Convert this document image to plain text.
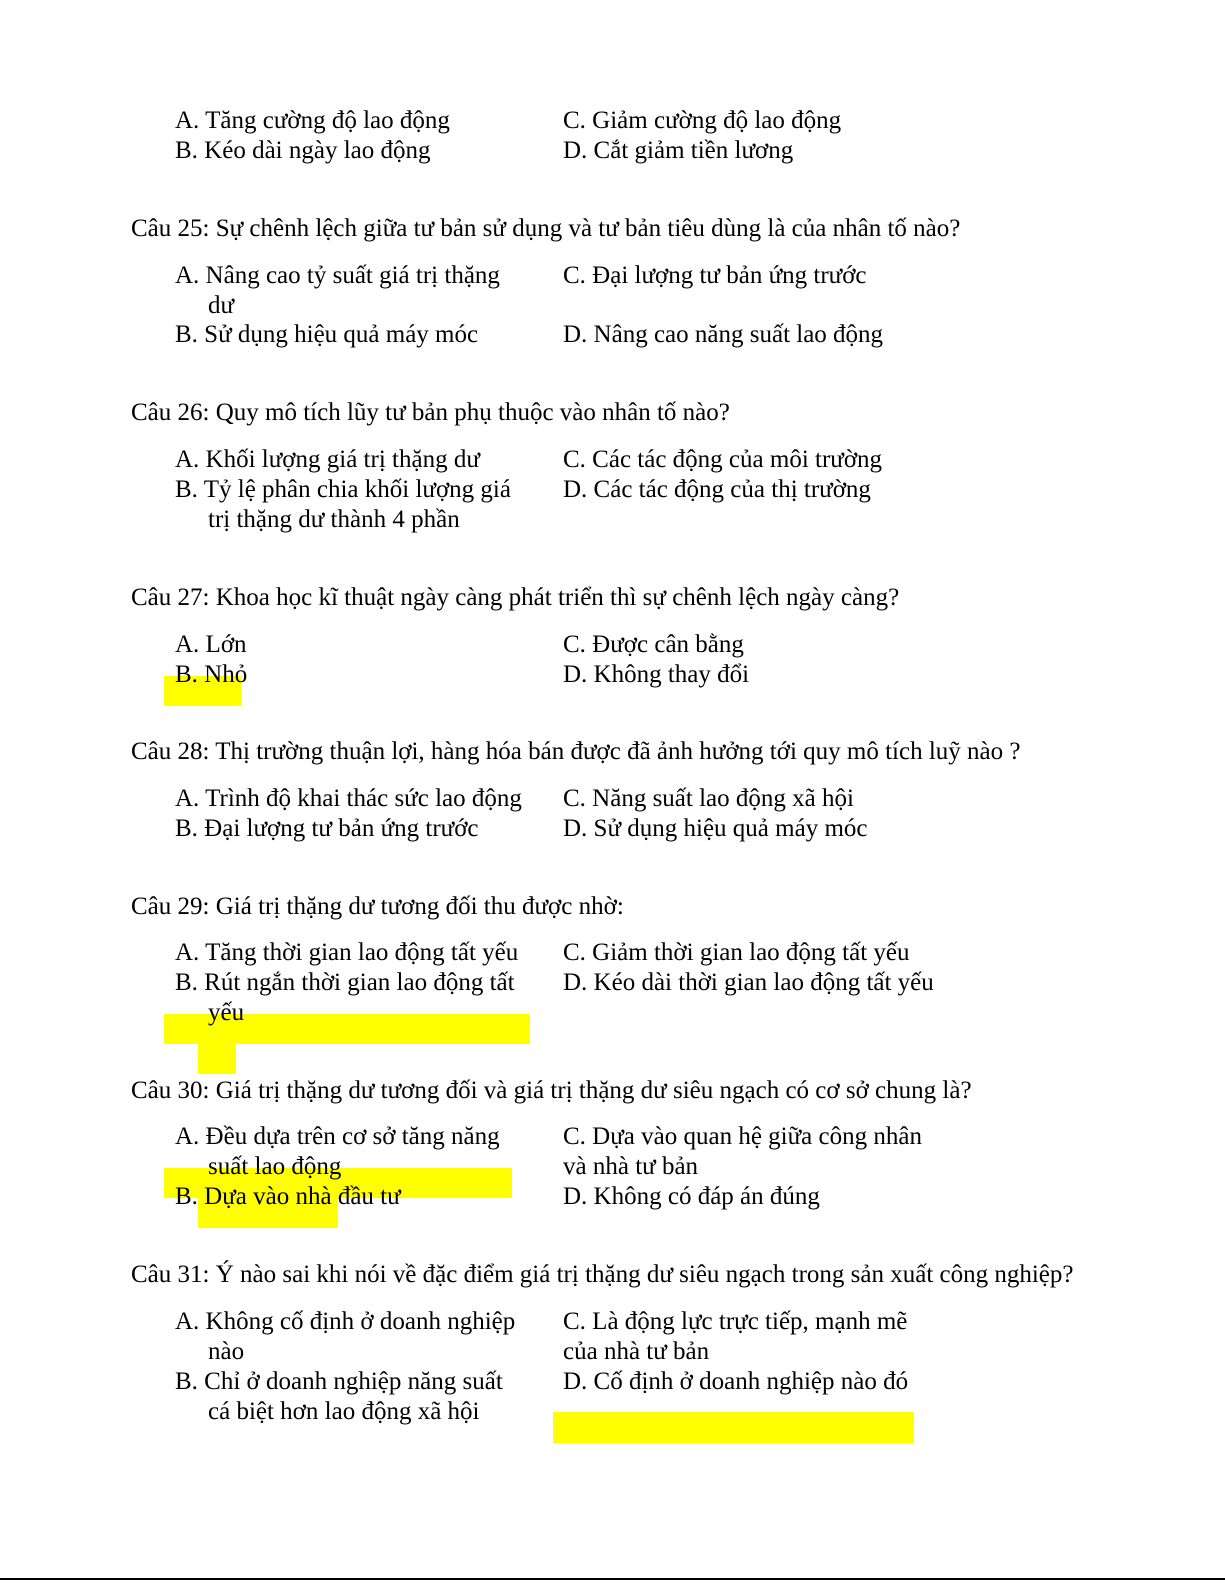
A. Tăng cường độ lao động
B. Kéo dài ngày lao động
C. Giảm cường độ lao động
D. Cắt giảm tiền lương
Câu 25: Sự chênh lệch giữa tư bản sử dụng và tư bản tiêu dùng là của nhân tố nào?
A. Nâng cao tỷ suất giá trị thặng
dư
B. Sử dụng hiệu quả máy móc
C. Đại lượng tư bản ứng trước
D. Nâng cao năng suất lao động
Câu 26: Quy mô tích lũy tư bản phụ thuộc vào nhân tố nào?
A. Khối lượng giá trị thặng dư
B. Tỷ lệ phân chia khối lượng giá
trị thặng dư thành 4 phần
C. Các tác động của môi trường
D. Các tác động của thị trường
Câu 27: Khoa học kĩ thuật ngày càng phát triển thì sự chênh lệch ngày càng?
A. Lớn
B. Nhỏ
C. Được cân bằng
D. Không thay đổi
Câu 28: Thị trường thuận lợi, hàng hóa bán được đã ảnh hưởng tới quy mô tích luỹ nào ?
A. Trình độ khai thác sức lao động
B. Đại lượng tư bản ứng trước
C. Năng suất lao động xã hội
D. Sử dụng hiệu quả máy móc
Câu 29: Giá trị thặng dư tương đối thu được nhờ:
A. Tăng thời gian lao động tất yếu
B. Rút ngắn thời gian lao động tất
yếu
C. Giảm thời gian lao động tất yếu
D. Kéo dài thời gian lao động tất yếu
Câu 30: Giá trị thặng dư tương đối và giá trị thặng dư siêu ngạch có cơ sở chung là?
A. Đều dựa trên cơ sở tăng năng
suất lao động
B. Dựa vào nhà đầu tư
C. Dựa vào quan hệ giữa công nhân
và nhà tư bản
D. Không có đáp án đúng
Câu 31: Ý nào sai khi nói về đặc điểm giá trị thặng dư siêu ngạch trong sản xuất công nghiệp?
A. Không cố định ở doanh nghiệp
nào
B. Chỉ ở doanh nghiệp năng suất
cá biệt hơn lao động xã hội
C. Là động lực trực tiếp, mạnh mẽ
của nhà tư bản
D. Cố định ở doanh nghiệp nào đó
